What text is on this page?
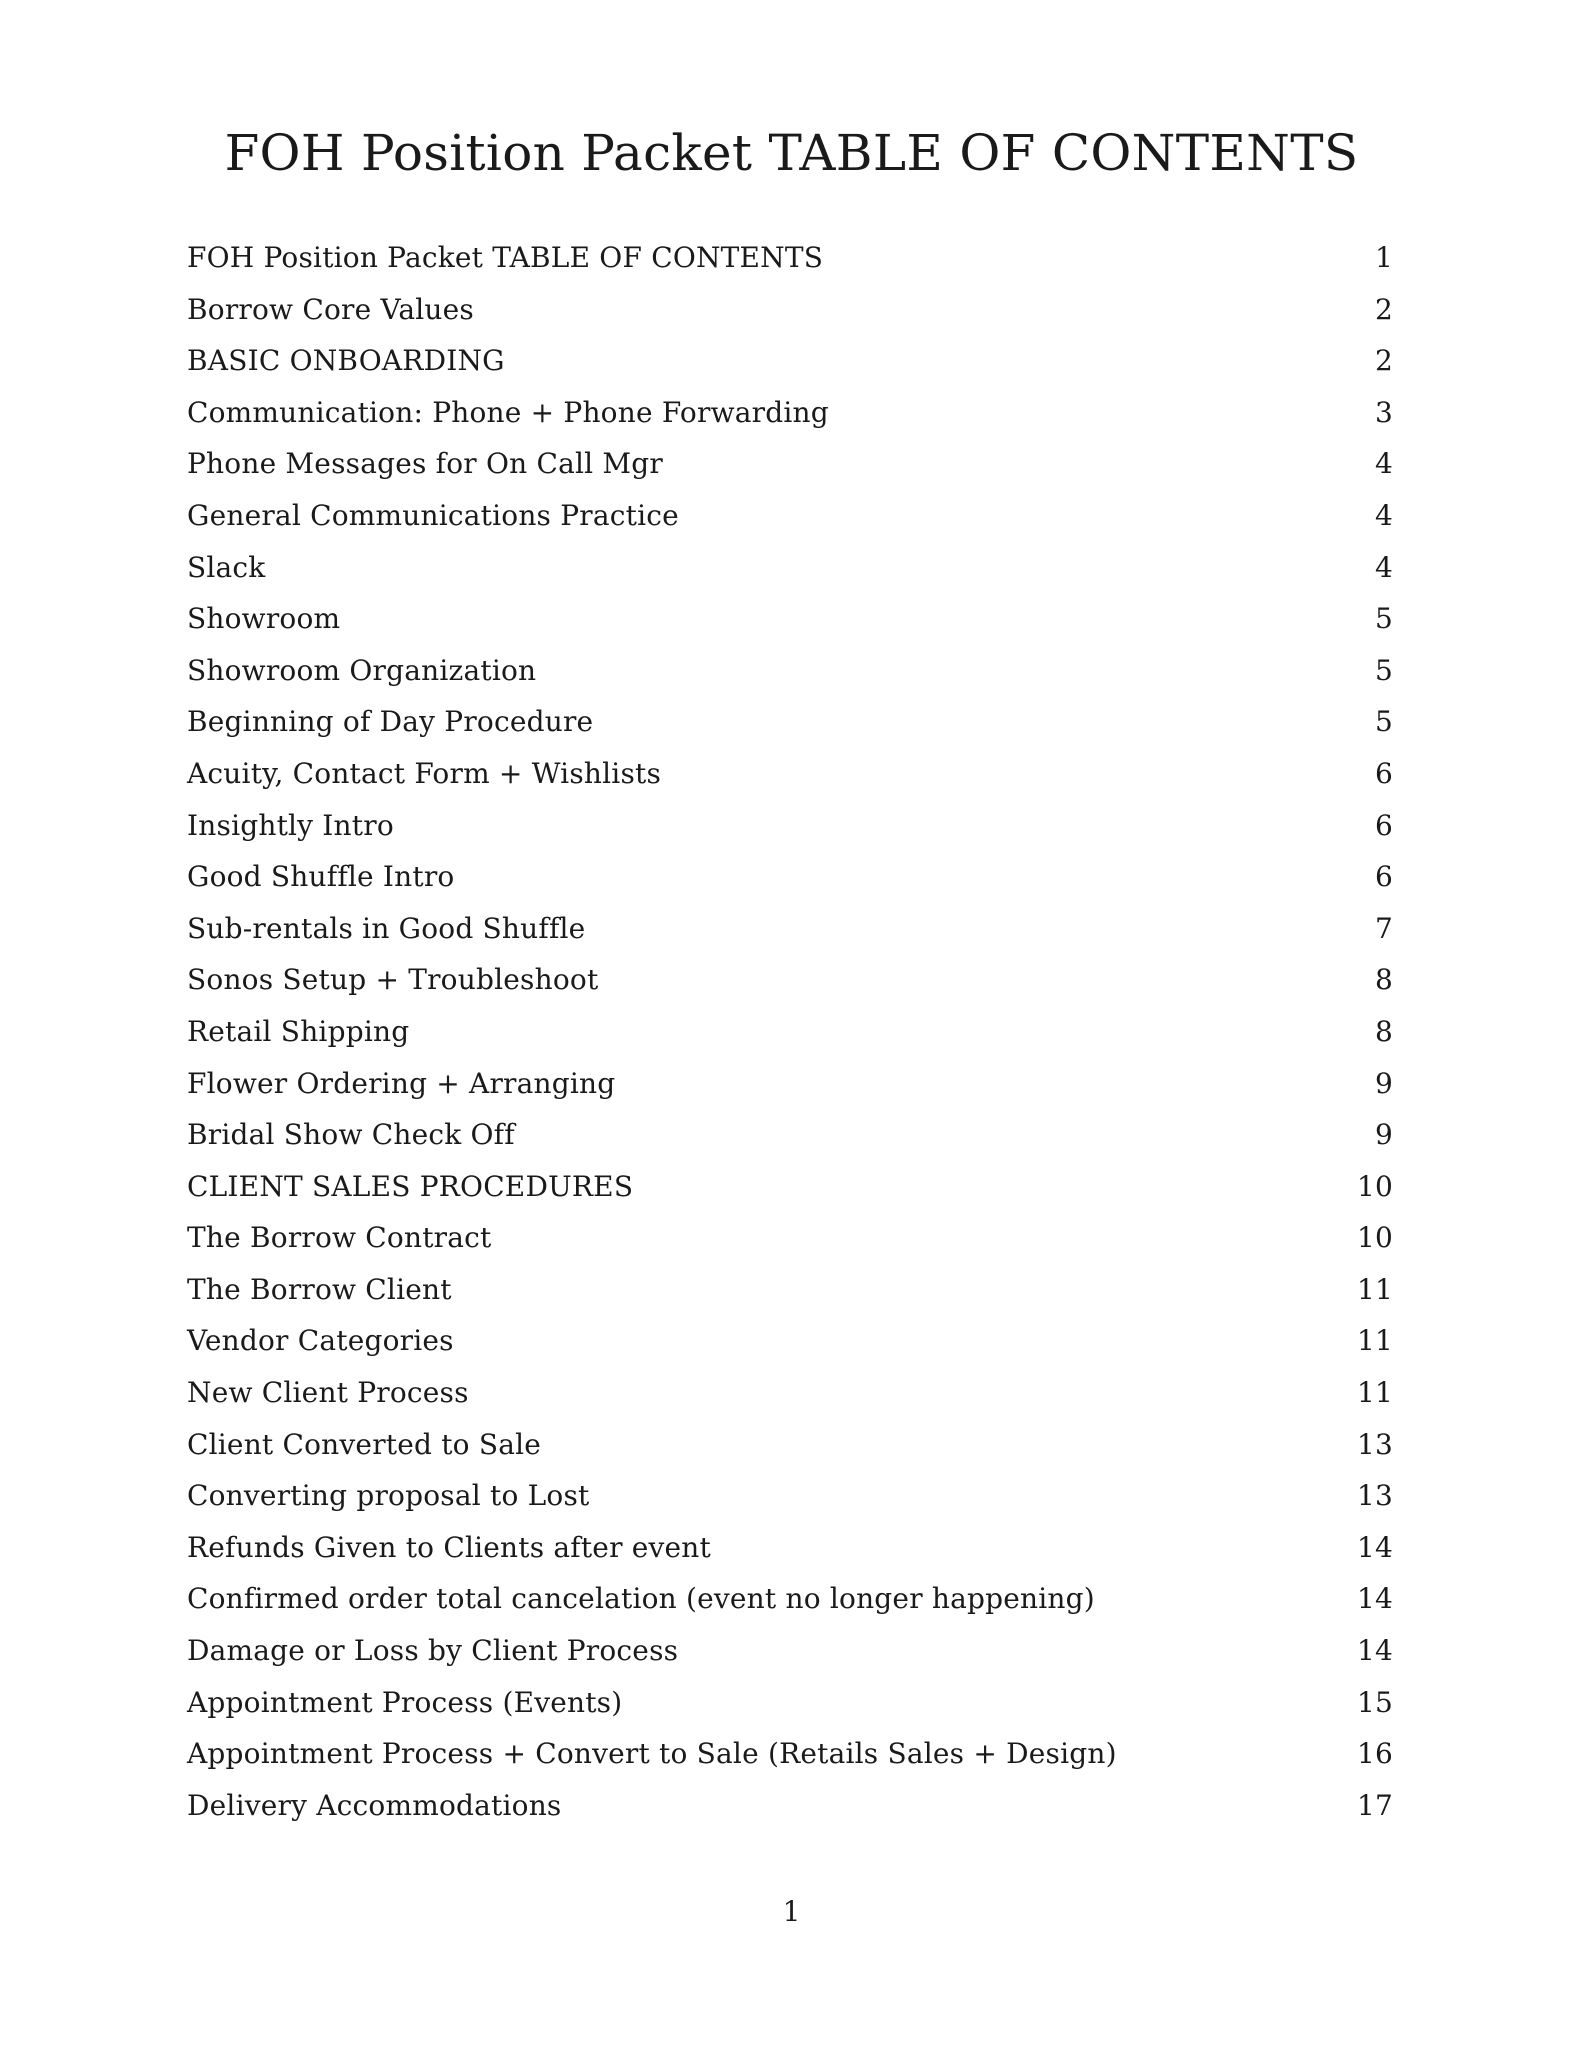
FOH Position Packet TABLE OF CONTENTS
FOH Position Packet TABLE OF CONTENTS	1
Borrow Core Values	2
BASIC ONBOARDING	2
Communication: Phone + Phone Forwarding	3
Phone Messages for On Call Mgr	4
General Communications Practice	4
Slack	4
Showroom	5
Showroom Organization	5
Beginning of Day Procedure	5
Acuity, Contact Form + Wishlists	6
Insightly Intro	6
Good Shuffle Intro	6
Sub-rentals in Good Shuffle	7
Sonos Setup + Troubleshoot	8
Retail Shipping	8
Flower Ordering + Arranging	9
Bridal Show Check Off	9
CLIENT SALES PROCEDURES	10
The Borrow Contract	10
The Borrow Client	11
Vendor Categories	11
New Client Process	11
Client Converted to Sale	13
Converting proposal to Lost	13
Refunds Given to Clients after event	14
Confirmed order total cancelation (event no longer happening)	14
Damage or Loss by Client Process	14
Appointment Process (Events)	15
Appointment Process + Convert to Sale (Retails Sales + Design)	16
Delivery Accommodations	17
1
